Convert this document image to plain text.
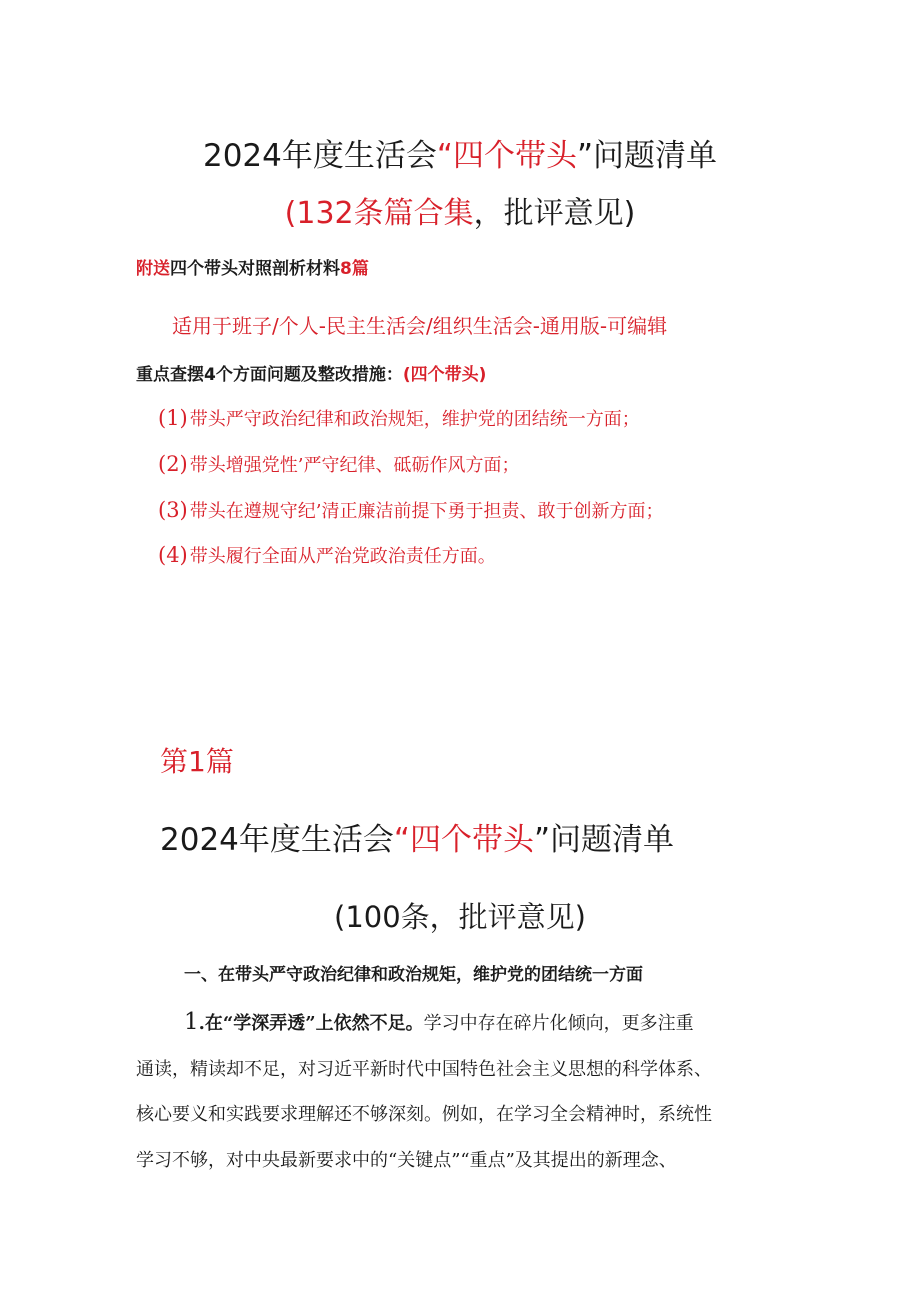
2024年度生活会“四个带头”问题清单
(132条篇合集，批评意见)
附送四个带头对照剖析材料8篇
适用于班子/个人-民主生活会/组织生活会-通用版-可编辑
重点查摆4个方面问题及整改措施：(四个带头)
(1) 带头严守政治纪律和政治规矩，维护党的团结统一方面；
(2) 带头增强党性’严守纪律、砥砺作风方面；
(3) 带头在遵规守纪’清正廉洁前提下勇于担责、敢于创新方面；
(4) 带头履行全面从严治党政治责任方面。
第1篇
2024年度生活会“四个带头”问题清单
(100条，批评意见)
一、在带头严守政治纪律和政治规矩，维护党的团结统一方面
1.在“学深弄透”上依然不足。学习中存在碎片化倾向，更多注重
通读，精读却不足，对习近平新时代中国特色社会主义思想的科学体系、
核心要义和实践要求理解还不够深刻。例如，在学习全会精神时，系统性
学习不够，对中央最新要求中的“关键点”“重点”及其提出的新理念、
